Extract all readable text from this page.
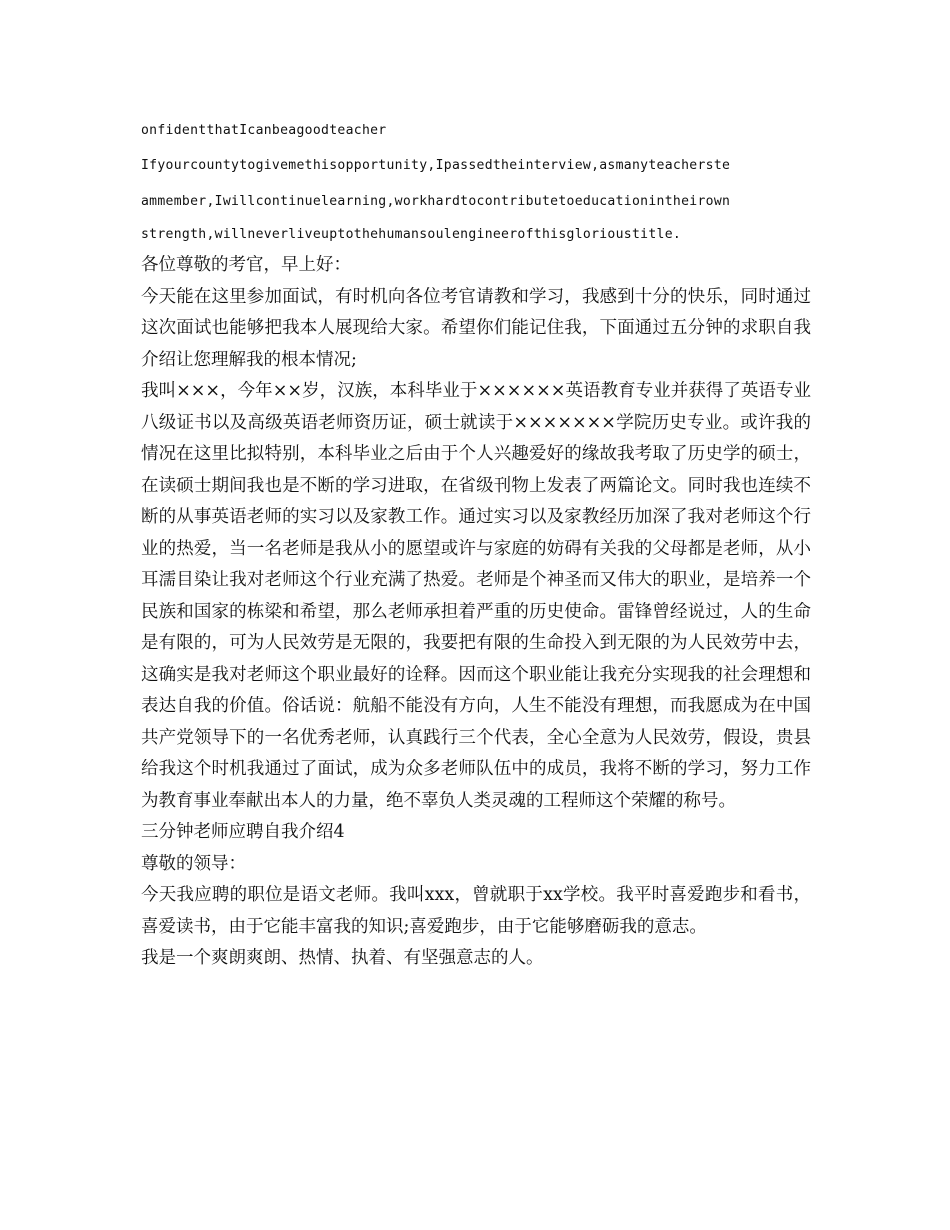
onfidentthatIcanbeagoodteacher

Ifyourcountytogivemethisopportunity,Ipassedtheinterview,asmanyteacherste

ammember,Iwillcontinuelearning,workhardtocontributetoeducationintheirown

strength,willneverliveuptothehumansoulengineerofthisglorioustitle.

各位尊敬的考官，早上好：

今天能在这里参加面试，有时机向各位考官请教和学习，我感到十分的快乐，同时通过这次面试也能够把我本人展现给大家。希望你们能记住我，下面通过五分钟的求职自我介绍让您理解我的根本情况;

我叫×××，今年××岁，汉族，本科毕业于××××××英语教育专业并获得了英语专业八级证书以及高级英语老师资历证，硕士就读于×××××××学院历史专业。或许我的情况在这里比拟特别，本科毕业之后由于个人兴趣爱好的缘故我考取了历史学的硕士，在读硕士期间我也是不断的学习进取，在省级刊物上发表了两篇论文。同时我也连续不断的从事英语老师的实习以及家教工作。通过实习以及家教经历加深了我对老师这个行业的热爱，当一名老师是我从小的愿望或许与家庭的妨碍有关我的父母都是老师，从小耳濡目染让我对老师这个行业充满了热爱。老师是个神圣而又伟大的职业，是培养一个民族和国家的栋梁和希望，那么老师承担着严重的历史使命。雷锋曾经说过，人的生命是有限的，可为人民效劳是无限的，我要把有限的生命投入到无限的为人民效劳中去，这确实是我对老师这个职业最好的诠释。因而这个职业能让我充分实现我的社会理想和表达自我的价值。俗话说：航船不能没有方向，人生不能没有理想，而我愿成为在中国共产党领导下的一名优秀老师，认真践行三个代表，全心全意为人民效劳，假设，贵县给我这个时机我通过了面试，成为众多老师队伍中的成员，我将不断的学习，努力工作为教育事业奉献出本人的力量，绝不辜负人类灵魂的工程师这个荣耀的称号。

三分钟老师应聘自我介绍4

尊敬的领导：

今天我应聘的职位是语文老师。我叫xxx，曾就职于xx学校。我平时喜爱跑步和看书，喜爱读书，由于它能丰富我的知识;喜爱跑步，由于它能够磨砺我的意志。

我是一个爽朗爽朗、热情、执着、有坚强意志的人。
